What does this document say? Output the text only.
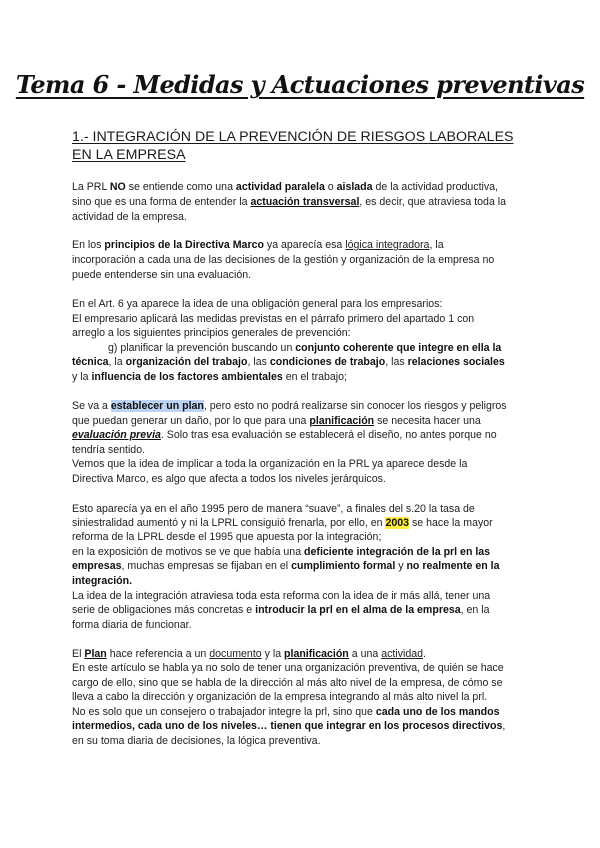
Tema 6 - Medidas y Actuaciones preventivas
1.- INTEGRACIÓN DE LA PREVENCIÓN DE RIESGOS LABORALES
EN LA EMPRESA
La PRL NO se entiende como una actividad paralela o aislada de la actividad productiva,
sino que es una forma de entender la actuación transversal, es decir, que atraviesa toda la
actividad de la empresa.
En los principios de la Directiva Marco ya aparecía esa lógica integradora, la
incorporación a cada una de las decisiones de la gestión y organización de la empresa no
puede entenderse sin una evaluación.
En el Art. 6 ya aparece la idea de una obligación general para los empresarios:
El empresario aplicará las medidas previstas en el párrafo primero del apartado 1 con
arreglo a los siguientes principios generales de prevención:
g) planificar la prevención buscando un conjunto coherente que integre en ella la
técnica, la organización del trabajo, las condiciones de trabajo, las relaciones sociales
y la influencia de los factores ambientales en el trabajo;
Se va a establecer un plan, pero esto no podrá realizarse sin conocer los riesgos y peligros
que puedan generar un daño, por lo que para una planificación se necesita hacer una
evaluación previa. Solo tras esa evaluación se establecerá el diseño, no antes porque no
tendría sentido.
Vemos que la idea de implicar a toda la organización en la PRL ya aparece desde la
Directiva Marco, es algo que afecta a todos los niveles jerárquicos.
Esto aparecía ya en el año 1995 pero de manera “suave”, a finales del s.20 la tasa de
siniestralidad aumentó y ni la LPRL consiguió frenarla, por ello, en 2003 se hace la mayor
reforma de la LPRL desde el 1995 que apuesta por la integración;
en la exposición de motivos se ve que había una deficiente integración de la prl en las
empresas, muchas empresas se fijaban en el cumplimiento formal y no realmente en la
integración.
La idea de la integración atraviesa toda esta reforma con la idea de ir más allá, tener una
serie de obligaciones más concretas e introducir la prl en el alma de la empresa, en la
forma diaria de funcionar.
El Plan hace referencia a un documento y la planificación a una actividad.
En este artículo se habla ya no solo de tener una organización preventiva, de quién se hace
cargo de ello, sino que se habla de la dirección al más alto nivel de la empresa, de cómo se
lleva a cabo la dirección y organización de la empresa integrando al más alto nivel la prl.
No es solo que un consejero o trabajador integre la prl, sino que cada uno de los mandos
intermedios, cada uno de los niveles… tienen que integrar en los procesos directivos,
en su toma diaria de decisiones, la lógica preventiva.
